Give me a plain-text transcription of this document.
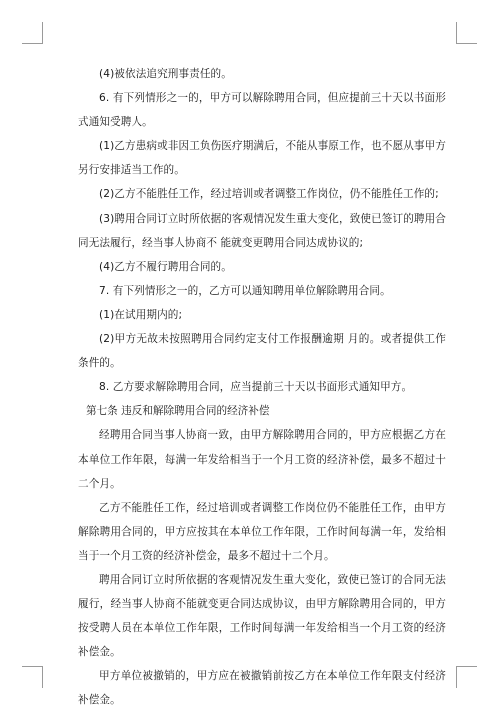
(4)被依法追究刑事责任的。

6. 有下列情形之一的，甲方可以解除聘用合同，但应提前三十天以书面形式通知受聘人。

(1)乙方患病或非因工负伤医疗期满后，不能从事原工作，也不愿从事甲方另行安排适当工作的。

(2)乙方不能胜任工作，经过培训或者调整工作岗位，仍不能胜任工作的;

(3)聘用合同订立时所依据的客观情况发生重大变化，致使已签订的聘用合同无法履行，经当事人协商不 能就变更聘用合同达成协议的;

(4)乙方不履行聘用合同的。

7. 有下列情形之一的，乙方可以通知聘用单位解除聘用合同。

(1)在试用期内的;

(2)甲方无故未按照聘用合同约定支付工作报酬逾期 月的。或者提供工作条件的。

8. 乙方要求解除聘用合同，应当提前三十天以书面形式通知甲方。

第七条 违反和解除聘用合同的经济补偿

经聘用合同当事人协商一致，由甲方解除聘用合同的，甲方应根据乙方在本单位工作年限，每满一年发给相当于一个月工资的经济补偿，最多不超过十二个月。

乙方不能胜任工作，经过培训或者调整工作岗位仍不能胜任工作，由甲方解除聘用合同的，甲方应按其在本单位工作年限，工作时间每满一年，发给相当于一个月工资的经济补偿金，最多不超过十二个月。

聘用合同订立时所依据的客观情况发生重大变化，致使已签订的合同无法履行，经当事人协商不能就变更合同达成协议，由甲方解除聘用合同的，甲方按受聘人员在本单位工作年限，工作时间每满一年发给相当一个月工资的经济补偿金。

甲方单位被撤销的，甲方应在被撤销前按乙方在本单位工作年限支付经济补偿金。
